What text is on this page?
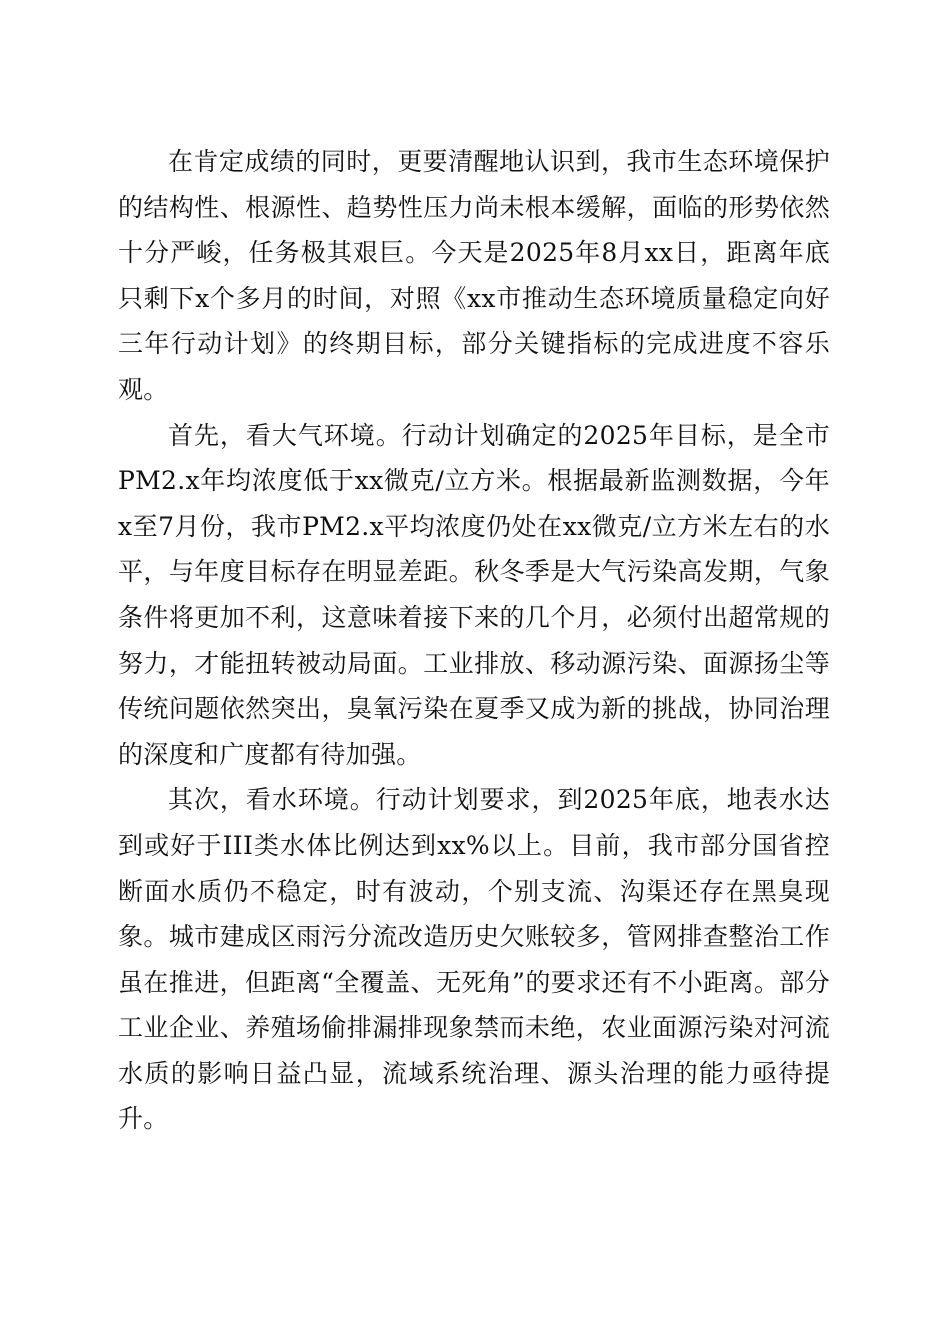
在肯定成绩的同时，更要清醒地认识到，我市生态环境保护的结构性、根源性、趋势性压力尚未根本缓解，面临的形势依然十分严峻，任务极其艰巨。今天是2025年8月xx日，距离年底只剩下x个多月的时间，对照《xx市推动生态环境质量稳定向好三年行动计划》的终期目标，部分关键指标的完成进度不容乐观。

首先，看大气环境。行动计划确定的2025年目标，是全市PM2.x年均浓度低于xx微克/立方米。根据最新监测数据，今年x至7月份，我市PM2.x平均浓度仍处在xx微克/立方米左右的水平，与年度目标存在明显差距。秋冬季是大气污染高发期，气象条件将更加不利，这意味着接下来的几个月，必须付出超常规的努力，才能扭转被动局面。工业排放、移动源污染、面源扬尘等传统问题依然突出，臭氧污染在夏季又成为新的挑战，协同治理的深度和广度都有待加强。

其次，看水环境。行动计划要求，到2025年底，地表水达到或好于III类水体比例达到xx%以上。目前，我市部分国省控断面水质仍不稳定，时有波动，个别支流、沟渠还存在黑臭现象。城市建成区雨污分流改造历史欠账较多，管网排查整治工作虽在推进，但距离“全覆盖、无死角”的要求还有不小距离。部分工业企业、养殖场偷排漏排现象禁而未绝，农业面源污染对河流水质的影响日益凸显，流域系统治理、源头治理的能力亟待提升。
